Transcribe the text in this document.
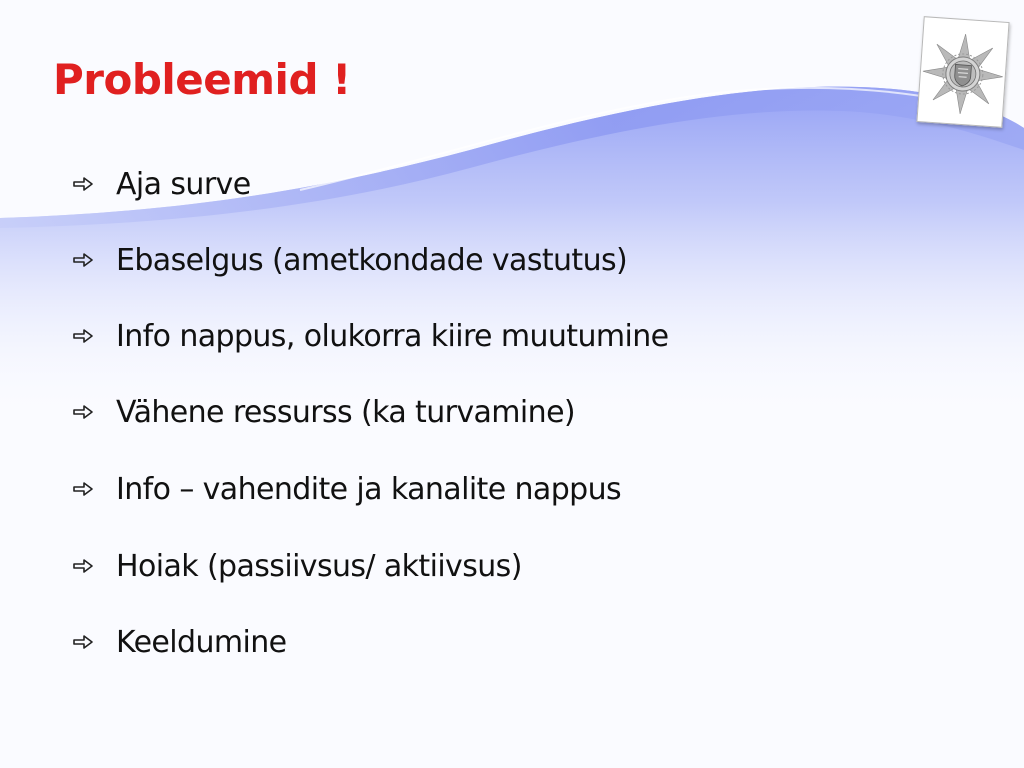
Probleemid !
Aja surve
Ebaselgus (ametkondade vastutus)
Info nappus, olukorra kiire muutumine
Vähene ressurss (ka turvamine)
Info – vahendite ja kanalite nappus
Hoiak (passiivsus/ aktiivsus)
Keeldumine
